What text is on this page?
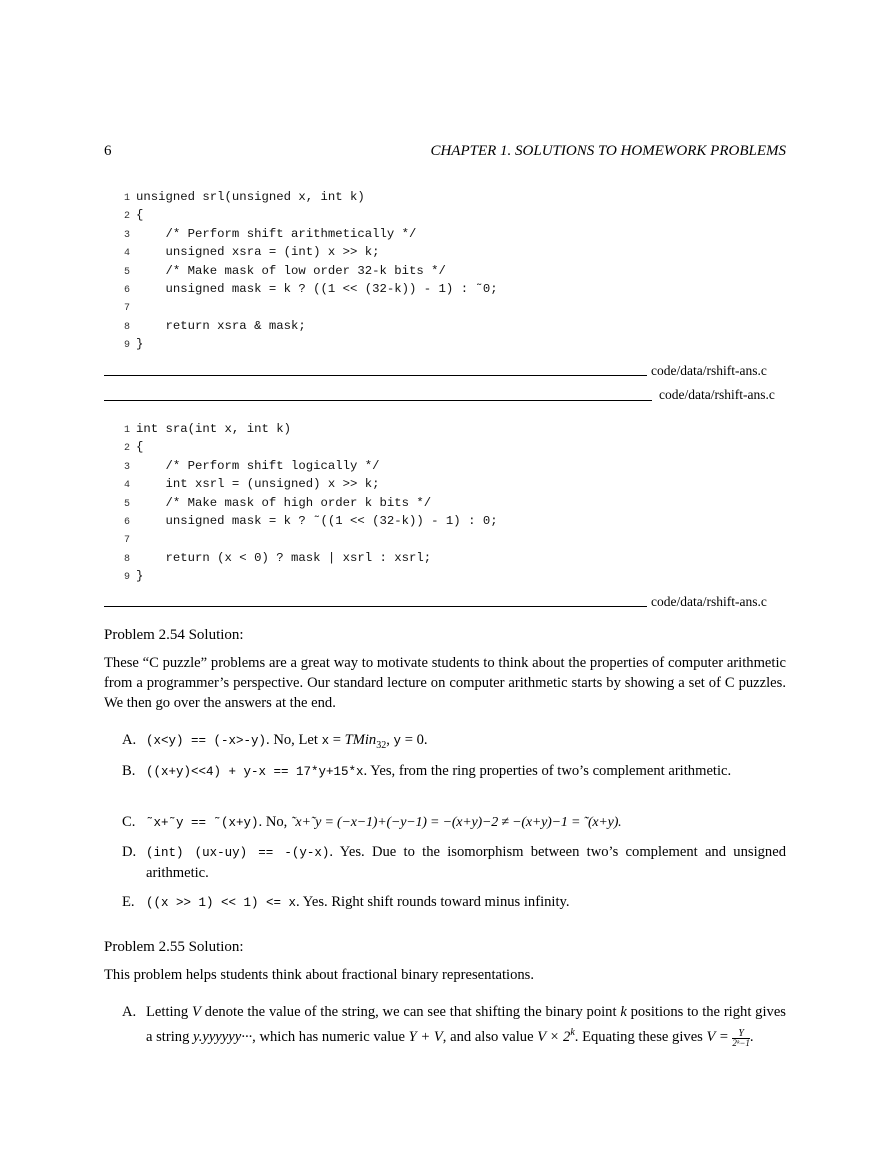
6	CHAPTER 1. SOLUTIONS TO HOMEWORK PROBLEMS
1 unsigned srl(unsigned x, int k)
2 {
3    /* Perform shift arithmetically */
4    unsigned xsra = (int) x >> k;
5    /* Make mask of low order 32-k bits */
6    unsigned mask = k ? ((1 << (32-k)) - 1) : ˜0;
7
8    return xsra & mask;
9 }
code/data/rshift-ans.c
code/data/rshift-ans.c
1 int sra(int x, int k)
2 {
3    /* Perform shift logically */
4    int xsrl = (unsigned) x >> k;
5    /* Make mask of high order k bits */
6    unsigned mask = k ? ˜((1 << (32-k)) - 1) : 0;
7
8    return (x < 0) ? mask | xsrl : xsrl;
9 }
code/data/rshift-ans.c
Problem 2.54 Solution:
These “C puzzle” problems are a great way to motivate students to think about the properties of computer arithmetic from a programmer’s perspective. Our standard lecture on computer arithmetic starts by showing a set of C puzzles. We then go over the answers at the end.
A. (x<y) == (-x>-y). No, Let x = TMin$_{32}$, y = 0.
B. ((x+y)<<4) + y-x == 17*y+15*x. Yes, from the ring properties of two’s complement arithmetic.
C. ˜x+˜y == ˜(x+y). No, ˜x+˜y = (−x−1)+(−y−1) = −(x+y)−2 ≠ −(x+y)−1 = ˜(x+y).
D. (int) (ux-uy) == -(y-x). Yes. Due to the isomorphism between two’s complement and unsigned arithmetic.
E. ((x >> 1) << 1) <= x. Yes. Right shift rounds toward minus infinity.
Problem 2.55 Solution:
This problem helps students think about fractional binary representations.
A. Letting V denote the value of the string, we can see that shifting the binary point k positions to the right gives a string y.yyyyyy···, which has numeric value Y + V, and also value $V \times 2^k$. Equating these gives $V = \frac{Y}{\text{2ᵏ−1}}$ .
